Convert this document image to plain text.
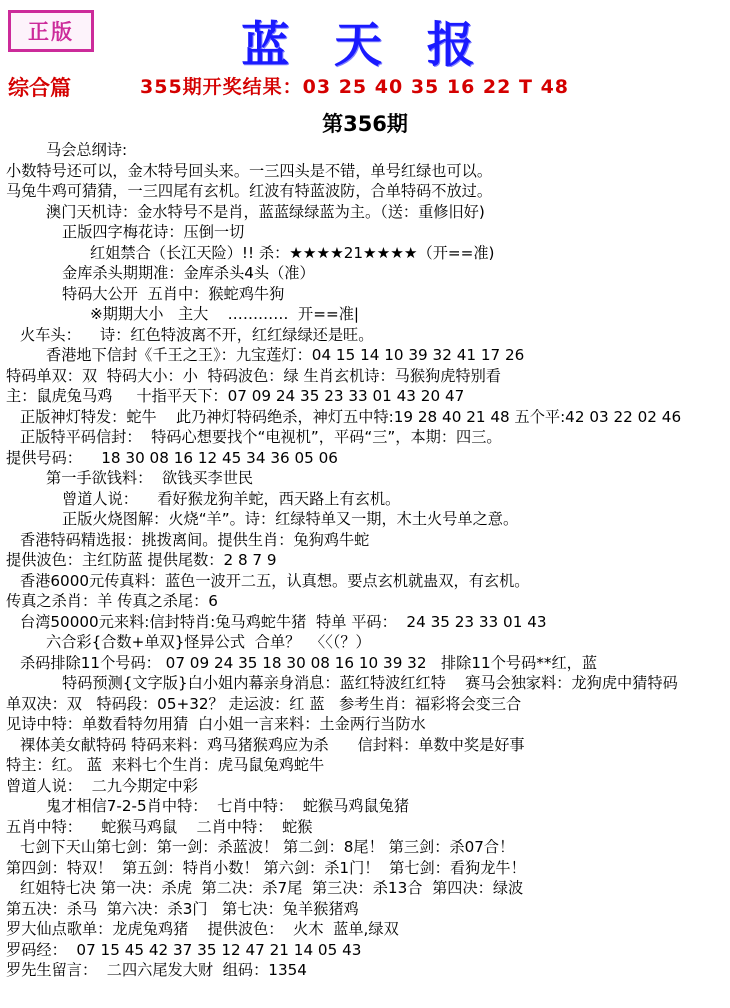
正版	蓝 天 报
综合篇	355期开奖结果：03 25 40 35 16 22 T 48
第356期
马会总纲诗:
小数特号还可以，金木特号回头来。一三四头是不错，单号红绿也可以。
马兔牛鸡可猜猜，一三四尾有玄机。红波有特蓝波防，合单特码不放过。
澳门天机诗：金水特号不是肖，蓝蓝绿绿蓝为主。（送：重修旧好)
正版四字梅花诗：压倒一切
红姐禁合（长江天险）!! 杀：★★★★21★★★★（开==准)
金库杀头期期准：金库杀头4头（准）
特码大公开  五肖中：猴蛇鸡牛狗
※期期大小   主大    …………  开==准|
火车头：    诗：红色特波离不开，红红绿绿还是旺。
香港地下信封《千王之王》：九宝莲灯：04 15 14 10 39 32 41 17 26
特码单双：双  特码大小：小  特码波色：绿 生肖玄机诗：马猴狗虎特别看
主：鼠虎兔马鸡     十指平天下：07 09 24 35 23 33 01 43 20 47
正版神灯特发：蛇牛    此乃神灯特码绝杀，神灯五中特:19 28 40 21 48 五个平:42 03 22 02 46
正版特平码信封：  特码心想要找个“电视机”，平码“三”，本期：四三。
提供号码：    18 30 08 16 12 45 34 36 05 06
第一手欲钱料：  欲钱买李世民
曾道人说：    看好猴龙狗羊蛇，西天路上有玄机。
正版火烧图解：火烧“羊”。诗：红绿特单又一期，木土火号单之意。
香港特码精选报：挑拨离间。提供生肖：兔狗鸡牛蛇
提供波色：主红防蓝 提供尾数：2 8 7 9
香港6000元传真料：蓝色一波开二五，认真想。要点玄机就蛊双，有玄机。
传真之杀肖：羊 传真之杀尾：6
台湾50000元来料:信封特肖:兔马鸡蛇牛猪  特单 平码：  24 35 23 33 01 43
六合彩{合数+单双}怪异公式  合单？  〈〈（？）
杀码排除11个号码： 07 09 24 35 18 30 08 16 10 39 32   排除11个号码**红，蓝
特码预测{文字版}白小姐内幕亲身消息：蓝红特波红红特    赛马会独家料：龙狗虎中猜特码
单双决：双   特码段：05+32？ 走运波：红 蓝   参考生肖：福彩将会变三合
见诗中特：单数看特勿用猜  白小姐一言来料：土金两行当防水
裸体美女献特码 特码来料：鸡马猪猴鸡应为杀      信封料：单数中奖是好事
特主：红。 蓝  来料七个生肖：虎马鼠兔鸡蛇牛
曾道人说：  二九今期定中彩
鬼才相信7-2-5肖中特：  七肖中特：  蛇猴马鸡鼠兔猪
五肖中特：    蛇猴马鸡鼠    二肖中特：  蛇猴
七剑下天山第七剑：第一剑：杀蓝波！ 第二剑：8尾！ 第三剑：杀07合！
第四剑：特双！  第五剑：特肖小数！ 第六剑：杀1门！  第七剑：看狗龙牛！
红姐特七决 第一决：杀虎  第二决：杀7尾  第三决：杀13合  第四决：绿波
第五决：杀马  第六决：杀3门   第七决：兔羊猴猪鸡
罗大仙点歌单：龙虎兔鸡猪    提供波色：  火木  蓝单,绿双
罗码经：  07 15 45 42 37 35 12 47 21 14 05 43
罗先生留言：  二四六尾发大财  组码：1354
